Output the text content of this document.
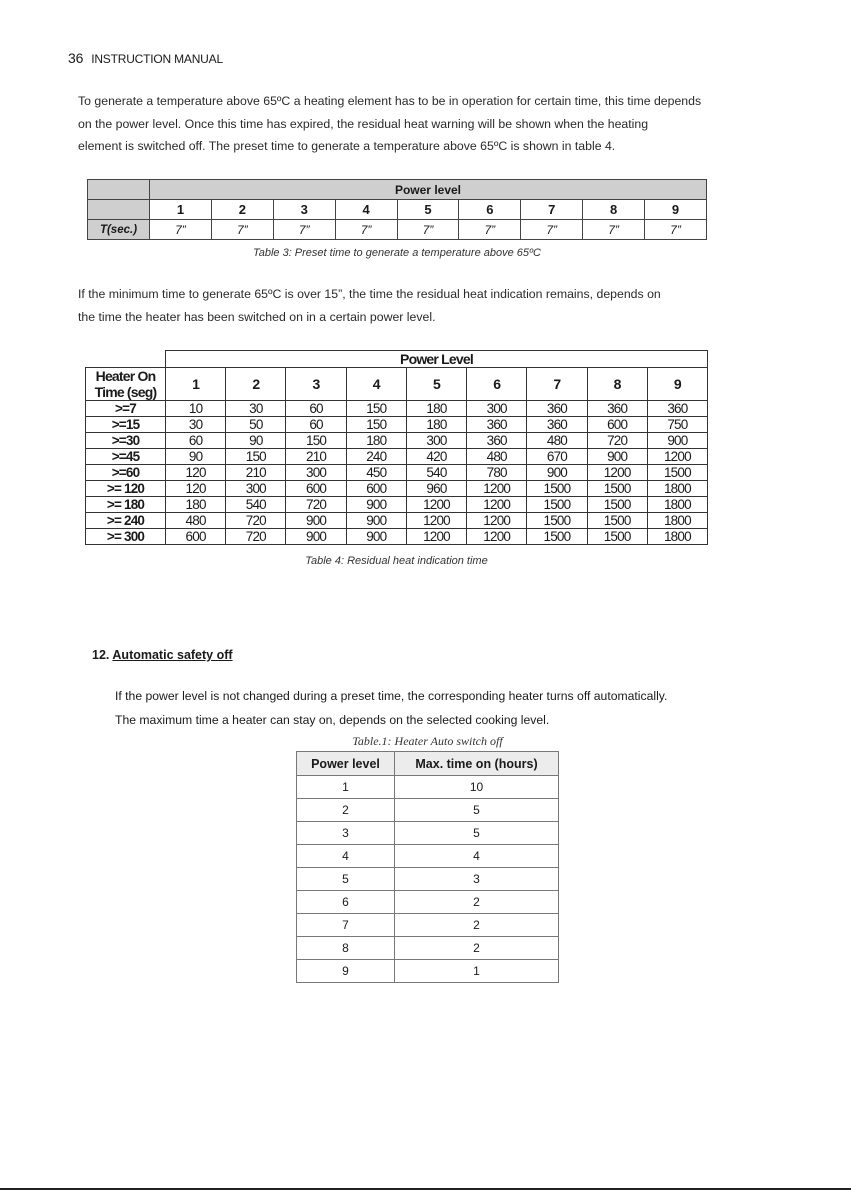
36 INSTRUCTION MANUAL

To generate a temperature above 65ºC a heating element has to be in operation for certain time, this time depends

on the power level. Once this time has expired, the residual heat warning will be shown when the heating

element is switched off. The preset time to generate a temperature above 65ºC is shown in table 4.

	Power level								
	1	2	3	4	5	6	7	8	9
T(sec.)	7”	7”	7”	7”	7”	7”	7”	7”	7”
Table 3: Preset time to generate a temperature above 65ºC

If the minimum time to generate 65ºC is over 15”, the time the residual heat indication remains, depends on

the time the heater has been switched on in a certain power level.

	Power Level								

Heater On
Time (seg)	1	2	3	4	5	6	7	8	9
>=7	10	30	60	150	180	300	360	360	360
>=15	30	50	60	150	180	360	360	600	750
>=30	60	90	150	180	300	360	480	720	900
>=45	90	150	210	240	420	480	670	900	1200
>=60	120	210	300	450	540	780	900	1200	1500
>= 120	120	300	600	600	960	1200	1500	1500	1800
>= 180	180	540	720	900	1200	1200	1500	1500	1800
>= 240	480	720	900	900	1200	1200	1500	1500	1800
>= 300	600	720	900	900	1200	1200	1500	1500	1800
Table 4: Residual heat indication time
12. Automatic safety off

If the power level is not changed during a preset time, the corresponding heater turns off automatically.

The maximum time a heater can stay on, depends on the selected cooking level.

Table.1: Heater Auto switch off
Power level	Max. time on (hours)
1	10
2	5
3	5
4	4
5	3
6	2
7	2
8	2
9	1
